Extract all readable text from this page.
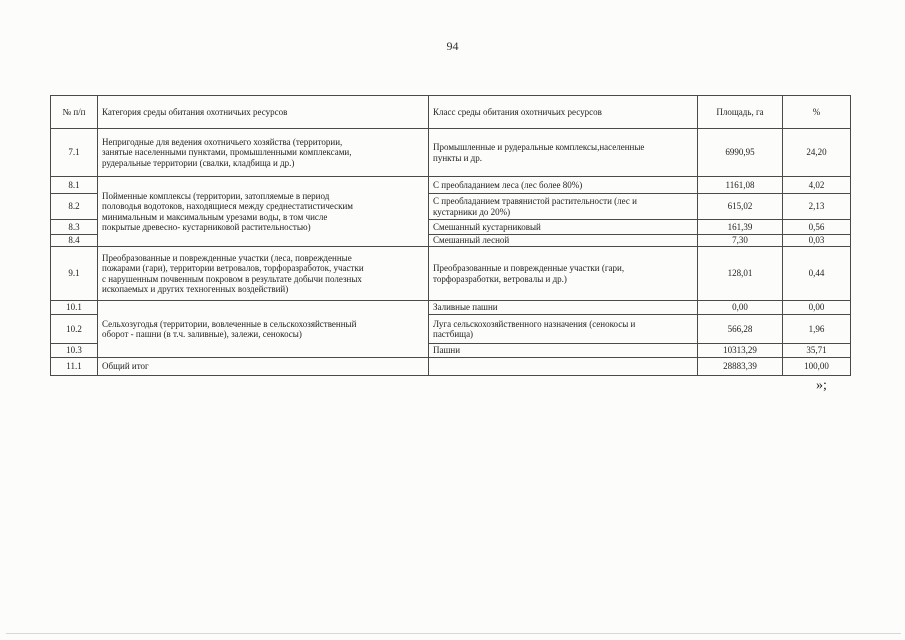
94
№ п/п	Категория среды обитания охотничьих ресурсов	Класс среды обитания охотничьих ресурсов	Площадь, га	%
7.1	Непригодные для ведения охотничьего хозяйства (территории,
занятые населенными пунктами, промышленными комплексами,
рудеральные территории (свалки, кладбища и др.)	Промышленные и рудеральные комплексы,населенные
пункты и др.	6990,95	24,20
8.1	Пойменные комплексы (территории, затопляемые в период
половодья водотоков, находящиеся между среднестатистическим
минимальным и максимальным урезами воды, в том числе
покрытые древесно- кустарниковой растительностью)	С преобладанием леса (лес более 80%)	1161,08	4,02
8.2		С преобладанием травянистой растительности (лес и
кустарники до 20%)	615,02	2,13
8.3		Смешанный кустарниковый	161,39	0,56
8.4		Смешанный лесной	7,30	0,03
9.1	Преобразованные и поврежденные участки (леса, поврежденные
пожарами (гари), территории ветровалов, торфоразработок, участки
с нарушенным почвенным покровом в результате добычи полезных
ископаемых и других техногенных воздействий)	Преобразованные и поврежденные участки (гари,
торфоразработки, ветровалы и др.)	128,01	0,44
10.1	Сельхозугодья (территории, вовлеченные в сельскохозяйственный
оборот - пашни (в т.ч. заливные), залежи, сенокосы)	Заливные пашни	0,00	0,00
10.2		Луга сельскохозяйственного назначения (сенокосы и
пастбища)	566,28	1,96
10.3		Пашни	10313,29	35,71
11.1	Общий итог		28883,39	100,00
»;
